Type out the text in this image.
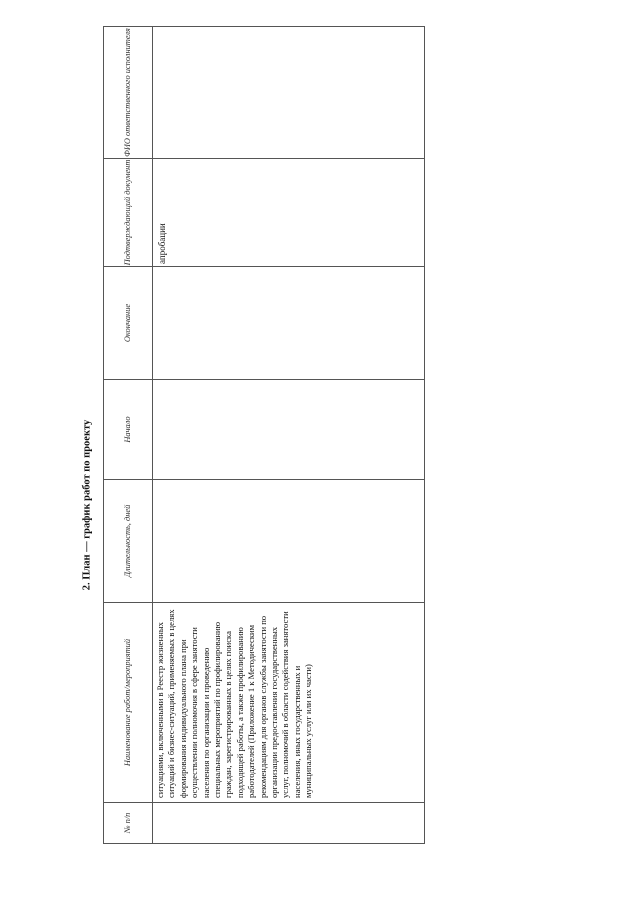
2. План — график работ по проекту
№ п/п	Наименование работ/мероприятий	Длительность, дней	Начало	Окончание	Подтверждающий документ	ФИО ответственного исполнителя

	ситуациями, включенными в Реестр жизненных ситуаций и бизнес-ситуаций, применяемых в целях формирования индивидуального плана при осуществлении полномочия в сфере занятости населения по организации и проведению специальных мероприятий по профилированию граждан, зарегистрированных в целях поиска подходящей работы, а также профилированию работодателей (Приложение 1 к Методическим рекомендациям для органов службы занятости по организации предоставления государственных услуг, полномочий в области содействия занятости населения, иных государственных и муниципальных услуг или их части)				апробации	
